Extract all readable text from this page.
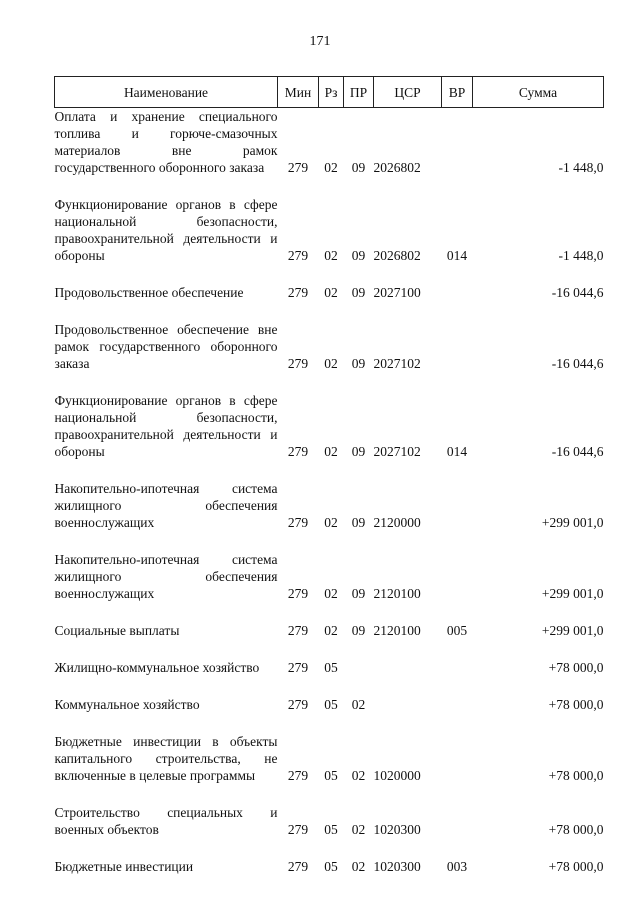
171
Наименование	Мин	Рз	ПР	ЦСР	ВР	Сумма
Оплата и хранение специального топлива и горюче-смазочных материалов вне рамок государственного оборонного заказа	279	02	09	2026802		-1 448,0

Функционирование органов в сфере национальной безопасности, правоохранительной деятельности и обороны	279	02	09	2026802	014	-1 448,0

Продовольственное обеспечение	279	02	09	2027100		-16 044,6

Продовольственное обеспечение вне рамок государственного оборонного заказа	279	02	09	2027102		-16 044,6

Функционирование органов в сфере национальной безопасности, правоохранительной деятельности и обороны	279	02	09	2027102	014	-16 044,6

Накопительно-ипотечная система жилищного обеспечения военнослужащих	279	02	09	2120000		+299 001,0

Накопительно-ипотечная система жилищного обеспечения военнослужащих	279	02	09	2120100		+299 001,0

Социальные выплаты	279	02	09	2120100	005	+299 001,0

Жилищно-коммунальное хозяйство	279	05				+78 000,0

Коммунальное хозяйство	279	05	02			+78 000,0

Бюджетные инвестиции в объекты капитального строительства, не включенные в целевые программы	279	05	02	1020000		+78 000,0

Строительство специальных и военных объектов	279	05	02	1020300		+78 000,0

Бюджетные инвестиции	279	05	02	1020300	003	+78 000,0
